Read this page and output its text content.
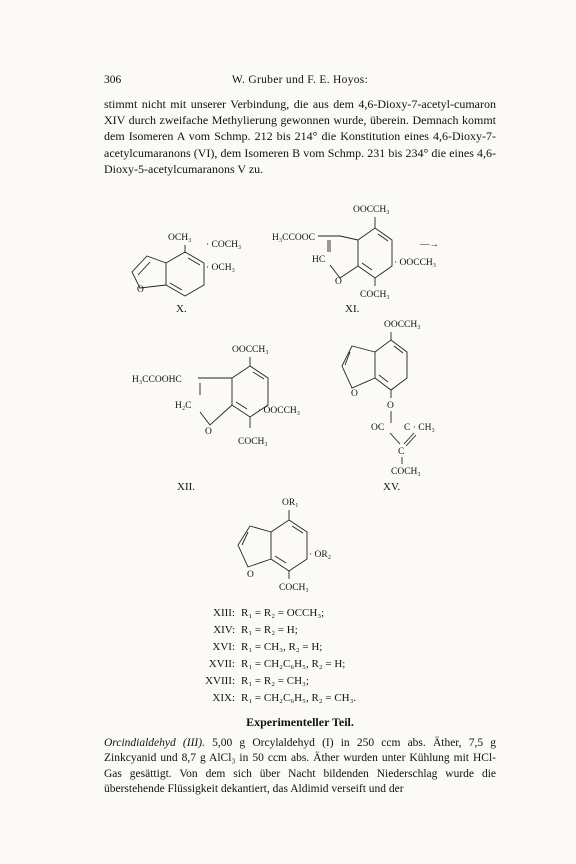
306	W. Gruber und F. E. Hoyos:

stimmt nicht mit unserer Verbindung, die aus dem 4,6-Dioxy-7-acetyl-cumaron XIV durch zweifache Methylierung gewonnen wurde, überein. Demnach kommt dem Isomeren A vom Schmp. 212 bis 214° die Konstitution eines 4,6-Dioxy-7-acetylcumaranons (VI), dem Isomeren B vom Schmp. 231 bis 234° die eines 4,6-Dioxy-5-acetylcumaranons V zu.

OCH₃
· COCH₃
· OCH₃
O
X.
OOCCH₃
H₃CCOOC
HC
O
· OOCCH₃
COCH₃
—→
XI.
OOCCH₃
H₃CCOOHC
H₂C
O
· OOCCH₃
COCH₃
XII.
OOCCH₃
O
O
OC C · CH₃
C
COCH₃
XV.
OR₁
O
· OR₂
COCH₃
XIII: R₁ = R₂ = OCCH₃;
XIV: R₁ = R₂ = H;
XVI: R₁ = CH₃, R₂ = H;
XVII: R₁ = CH₂C₆H₅, R₂ = H;
XVIII: R₁ = R₂ = CH₃;
XIX: R₁ = CH₂C₆H₅, R₂ = CH₃.
Experimenteller Teil.

Orcindialdehyd (III). 5,00 g Orcylaldehyd (I) in 250 ccm abs. Äther, 7,5 g Zinkcyanid und 8,7 g AlCl₃ in 50 ccm abs. Äther wurden unter Kühlung mit HCl-Gas gesättigt. Von dem sich über Nacht bildenden Niederschlag wurde die überstehende Flüssigkeit dekantiert, das Aldimid verseift und der
